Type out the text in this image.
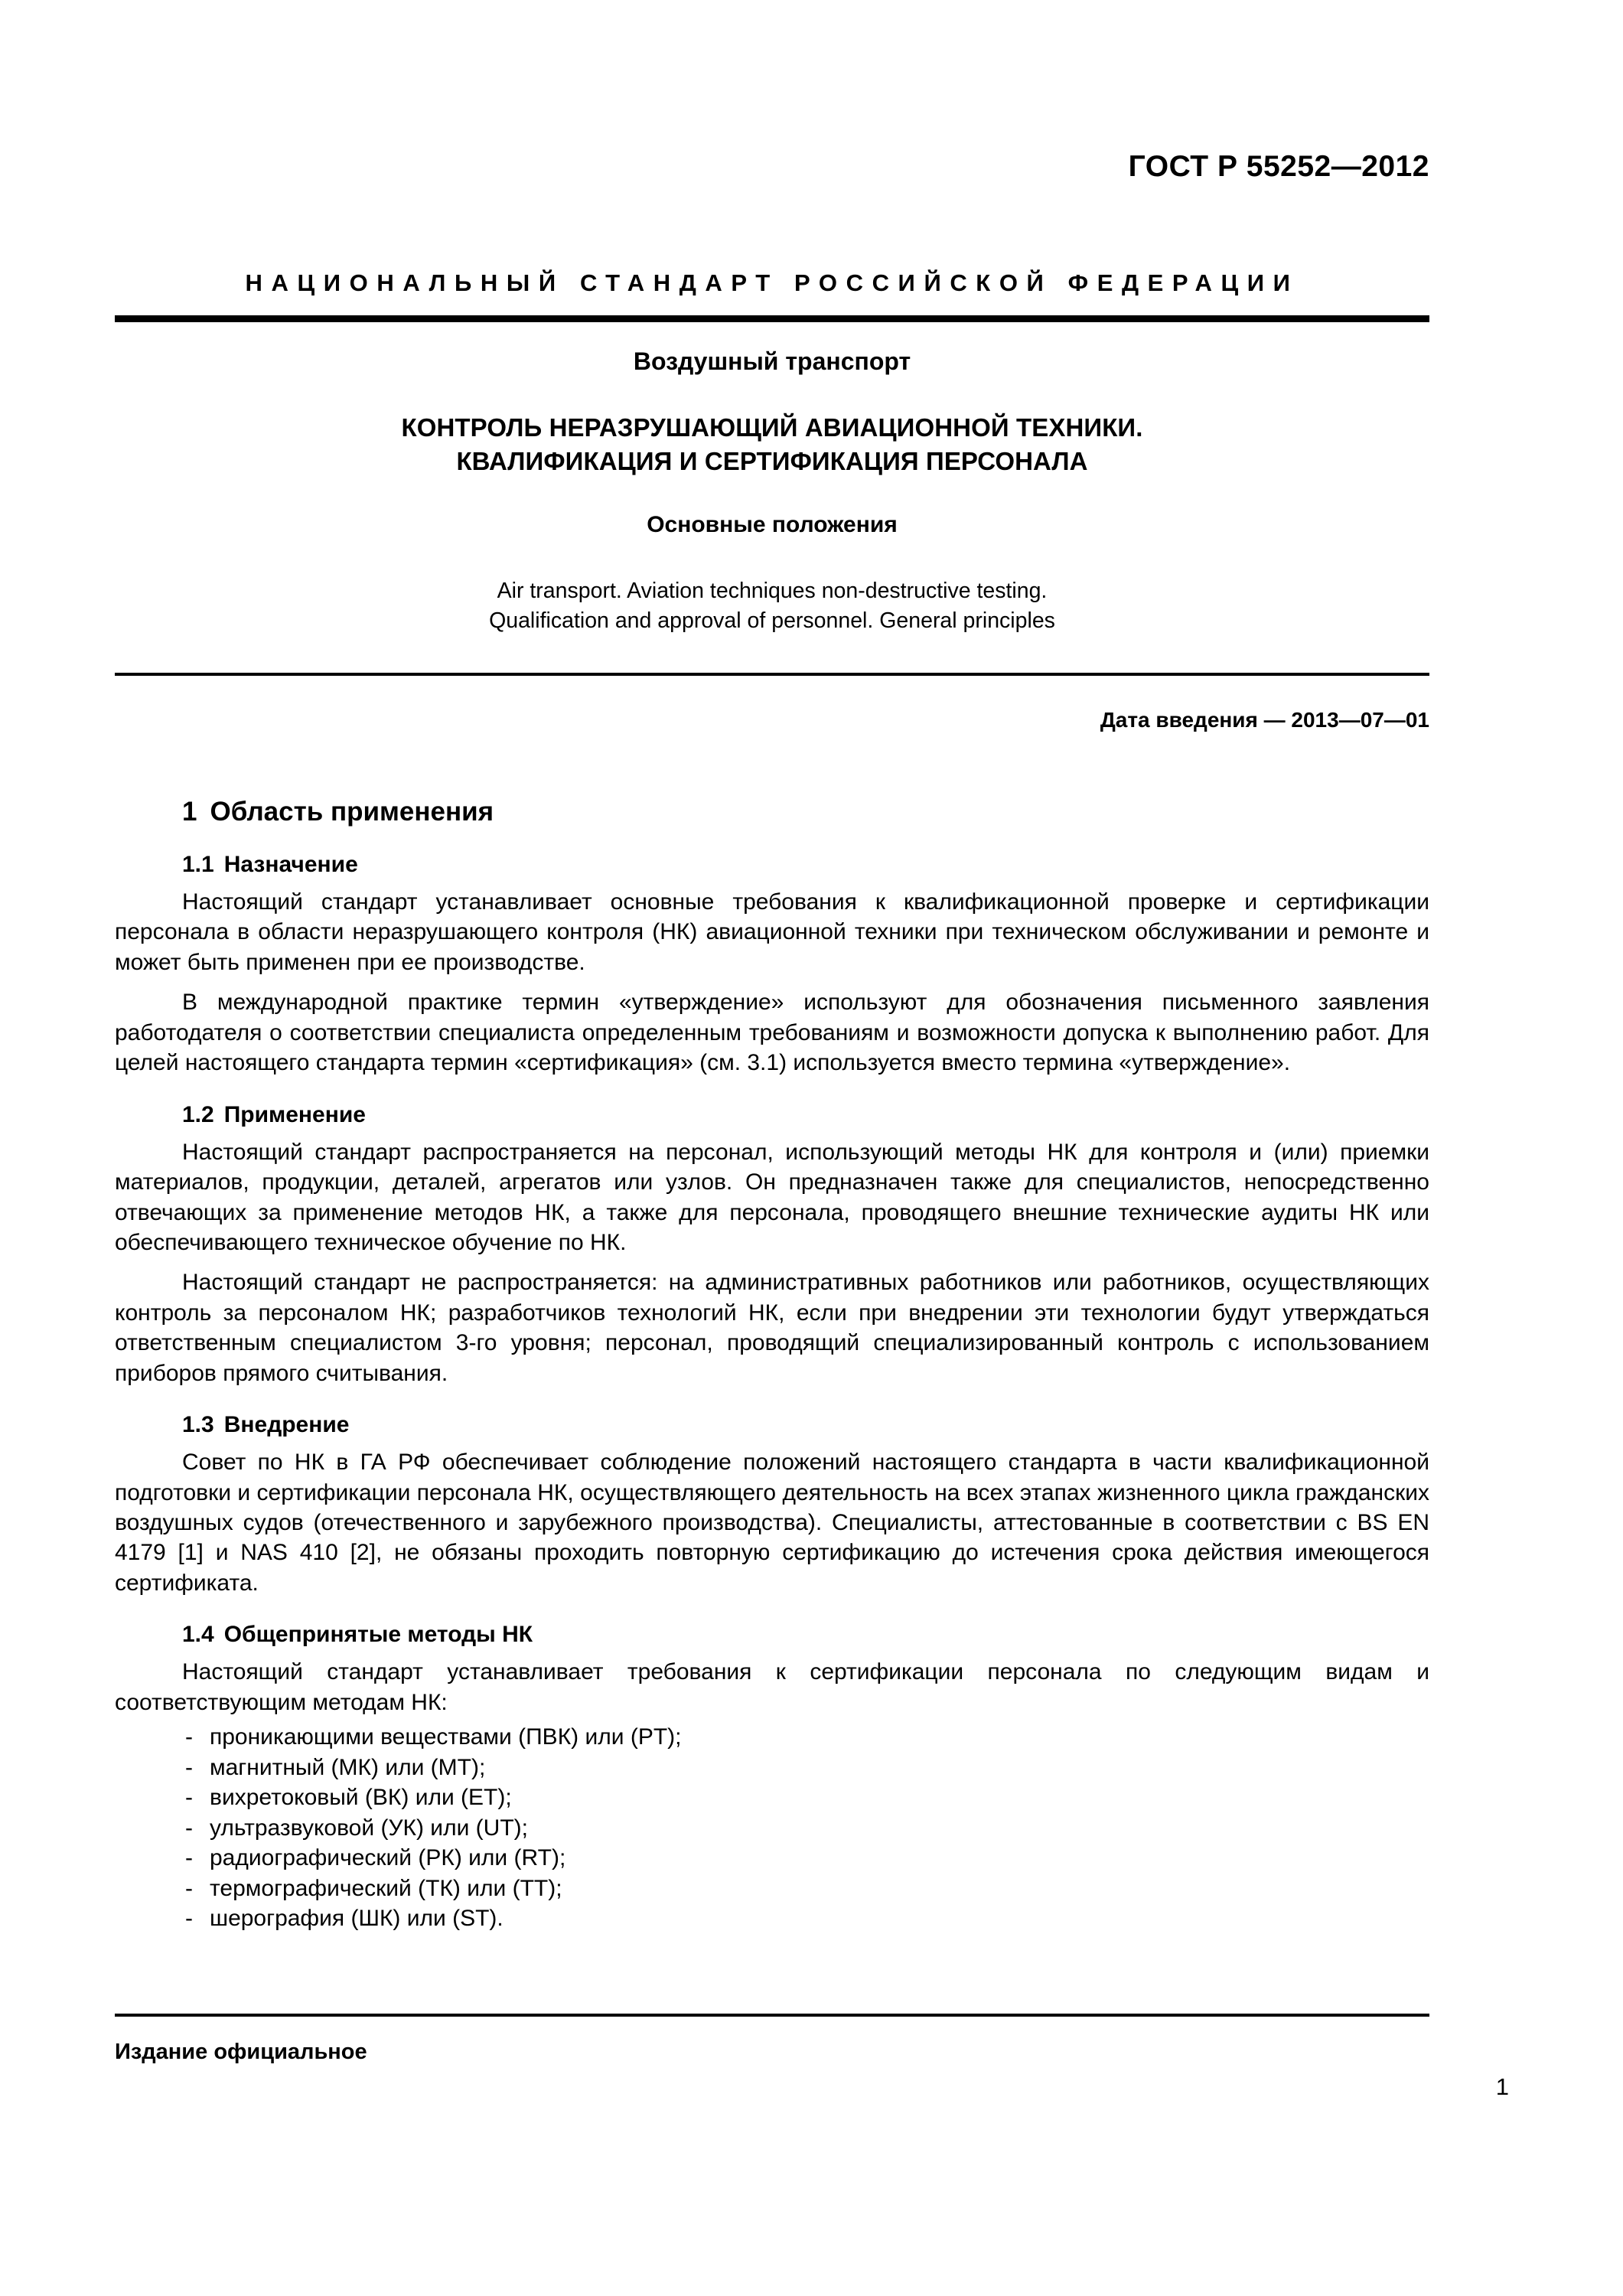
ГОСТ Р 55252—2012
НАЦИОНАЛЬНЫЙ СТАНДАРТ РОССИЙСКОЙ ФЕДЕРАЦИИ
Воздушный транспорт
КОНТРОЛЬ НЕРАЗРУШАЮЩИЙ АВИАЦИОННОЙ ТЕХНИКИ.
КВАЛИФИКАЦИЯ И СЕРТИФИКАЦИЯ ПЕРСОНАЛА
Основные положения
Air transport. Aviation techniques non-destructive testing.
Qualification and approval of personnel. General principles
Дата введения — 2013—07—01
1 Область применения
1.1 Назначение

Настоящий стандарт устанавливает основные требования к квалификационной проверке и сертификации персонала в области неразрушающего контроля (НК) авиационной техники при техническом обслуживании и ремонте и может быть применен при ее производстве.

В международной практике термин «утверждение» используют для обозначения письменного заявления работодателя о соответствии специалиста определенным требованиям и возможности допуска к выполнению работ. Для целей настоящего стандарта термин «сертификация» (см. 3.1) используется вместо термина «утверждение».

1.2 Применение

Настоящий стандарт распространяется на персонал, использующий методы НК для контроля и (или) приемки материалов, продукции, деталей, агрегатов или узлов. Он предназначен также для специалистов, непосредственно отвечающих за применение методов НК, а также для персонала, проводящего внешние технические аудиты НК или обеспечивающего техническое обучение по НК.

Настоящий стандарт не распространяется: на административных работников или работников, осуществляющих контроль за персоналом НК; разработчиков технологий НК, если при внедрении эти технологии будут утверждаться ответственным специалистом 3-го уровня; персонал, проводящий специализированный контроль с использованием приборов прямого считывания.

1.3 Внедрение

Совет по НК в ГА РФ обеспечивает соблюдение положений настоящего стандарта в части квалификационной подготовки и сертификации персонала НК, осуществляющего деятельность на всех этапах жизненного цикла гражданских воздушных судов (отечественного и зарубежного производства). Специалисты, аттестованные в соответствии с BS EN 4179 [1] и NAS 410 [2], не обязаны проходить повторную сертификацию до истечения срока действия имеющегося сертификата.

1.4 Общепринятые методы НК

Настоящий стандарт устанавливает требования к сертификации персонала по следующим видам и соответствующим методам НК:

- проникающими веществами (ПВК) или (PT);
- магнитный (МК) или (MT);
- вихретоковый (ВК) или (ET);
- ультразвуковой (УК) или (UT);
- радиографический (РК) или (RT);
- термографический (ТК) или (TT);
- шерография (ШК) или (ST).
Издание официальное
1
